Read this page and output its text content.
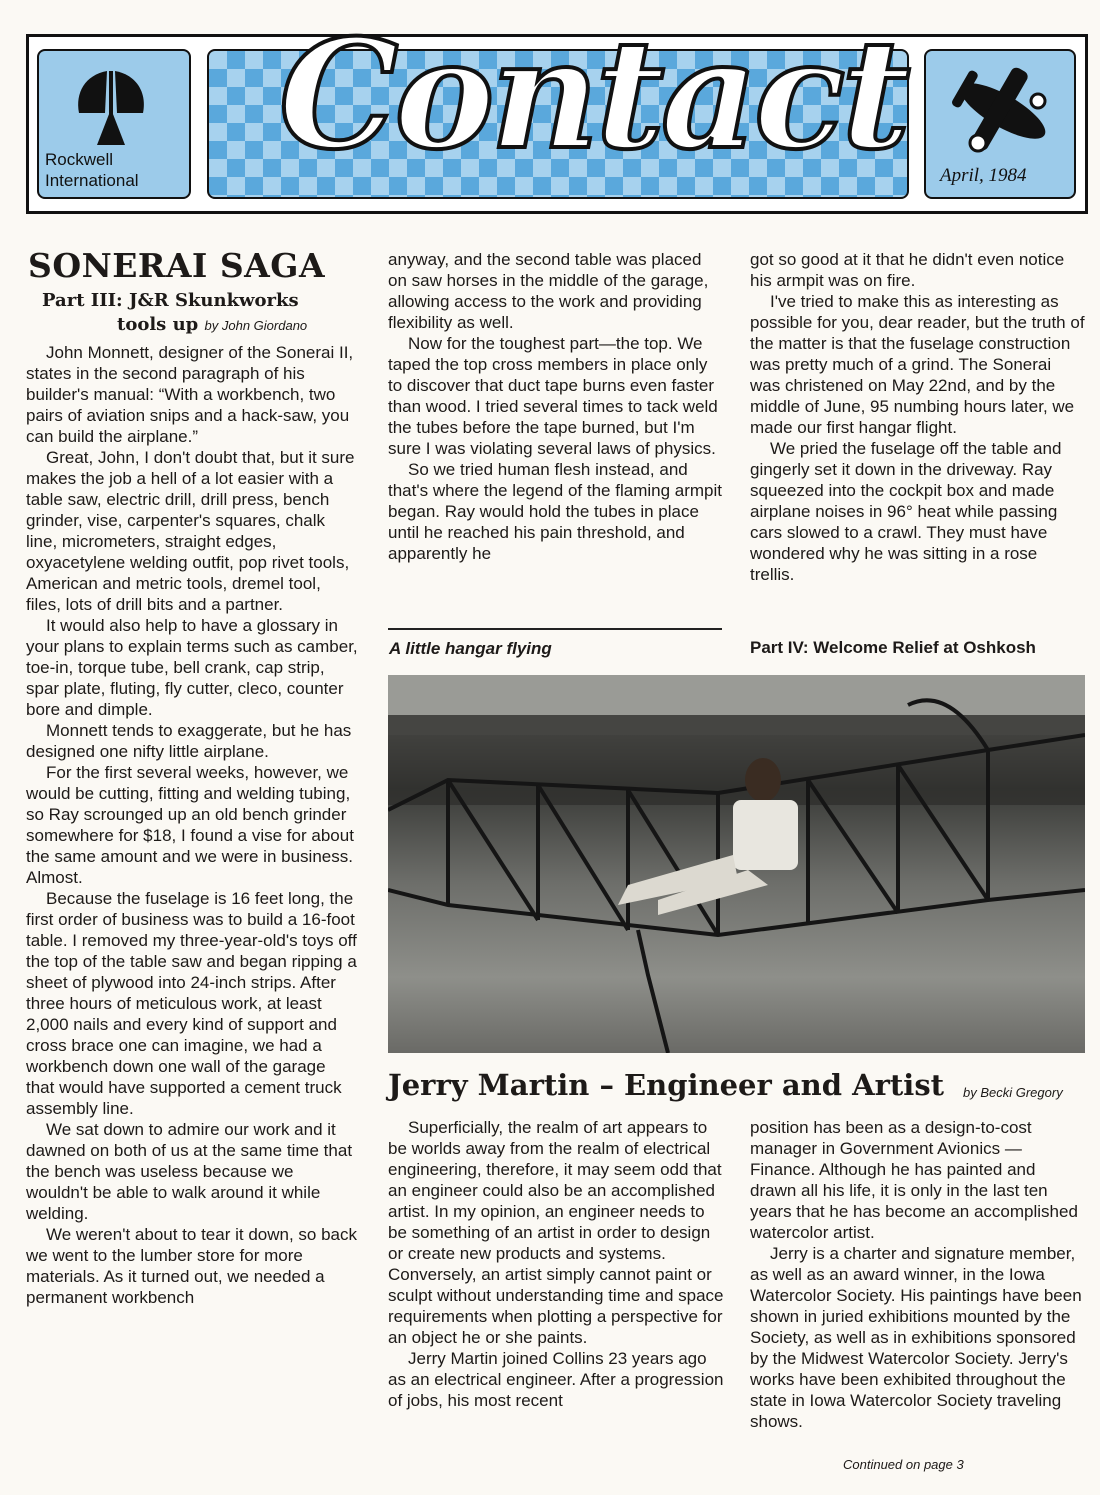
Rockwell
International Contact April, 1984
SONERAI SAGA
Part III: J&R Skunkworks
tools up by John Giordano

John Monnett, designer of the Sonerai II, states in the second paragraph of his builder's manual: “With a workbench, two pairs of aviation snips and a hack-saw, you can build the airplane.”

Great, John, I don't doubt that, but it sure makes the job a hell of a lot easier with a table saw, electric drill, drill press, bench grinder, vise, carpenter's squares, chalk line, micrometers, straight edges, oxyacetylene welding outfit, pop rivet tools, American and metric tools, dremel tool, files, lots of drill bits and a partner.

It would also help to have a glossary in your plans to explain terms such as camber, toe-in, torque tube, bell crank, cap strip, spar plate, fluting, fly cutter, cleco, counter bore and dimple.

Monnett tends to exaggerate, but he has designed one nifty little airplane.

For the first several weeks, however, we would be cutting, fitting and welding tubing, so Ray scrounged up an old bench grinder somewhere for $18, I found a vise for about the same amount and we were in business. Almost.

Because the fuselage is 16 feet long, the first order of business was to build a 16-foot table. I removed my three-year-old's toys off the top of the table saw and began ripping a sheet of plywood into 24-inch strips. After three hours of meticulous work, at least 2,000 nails and every kind of support and cross brace one can imagine, we had a workbench down one wall of the garage that would have supported a cement truck assembly line.

We sat down to admire our work and it dawned on both of us at the same time that the bench was useless because we wouldn't be able to walk around it while welding.

We weren't about to tear it down, so back we went to the lumber store for more materials. As it turned out, we needed a permanent workbench

anyway, and the second table was placed on saw horses in the middle of the garage, allowing access to the work and providing flexibility as well.

Now for the toughest part—the top. We taped the top cross members in place only to discover that duct tape burns even faster than wood. I tried several times to tack weld the tubes before the tape burned, but I'm sure I was violating several laws of physics.

So we tried human flesh instead, and that's where the legend of the flaming armpit began. Ray would hold the tubes in place until he reached his pain threshold, and apparently he

got so good at it that he didn't even notice his armpit was on fire.

I've tried to make this as interesting as possible for you, dear reader, but the truth of the matter is that the fuselage construction was pretty much of a grind. The Sonerai was christened on May 22nd, and by the middle of June, 95 numbing hours later, we made our first hangar flight.

We pried the fuselage off the table and gingerly set it down in the driveway. Ray squeezed into the cockpit box and made airplane noises in 96° heat while passing cars slowed to a crawl. They must have wondered why he was sitting in a rose trellis.

A little hangar flying	Part IV: Welcome Relief at Oshkosh
Jerry Martin – Engineer and Artist by Becki Gregory

Superficially, the realm of art appears to be worlds away from the realm of electrical engineering, therefore, it may seem odd that an engineer could also be an accomplished artist. In my opinion, an engineer needs to be something of an artist in order to design or create new products and systems. Conversely, an artist simply cannot paint or sculpt without understanding time and space requirements when plotting a perspective for an object he or she paints.

Jerry Martin joined Collins 23 years ago as an electrical engineer. After a progression of jobs, his most recent

position has been as a design-to-cost manager in Government Avionics — Finance. Although he has painted and drawn all his life, it is only in the last ten years that he has become an accomplished watercolor artist.

Jerry is a charter and signature member, as well as an award winner, in the Iowa Watercolor Society. His paintings have been shown in juried exhibitions mounted by the Society, as well as in exhibitions sponsored by the Midwest Watercolor Society. Jerry's works have been exhibited throughout the state in Iowa Watercolor Society traveling shows.

Continued on page 3
